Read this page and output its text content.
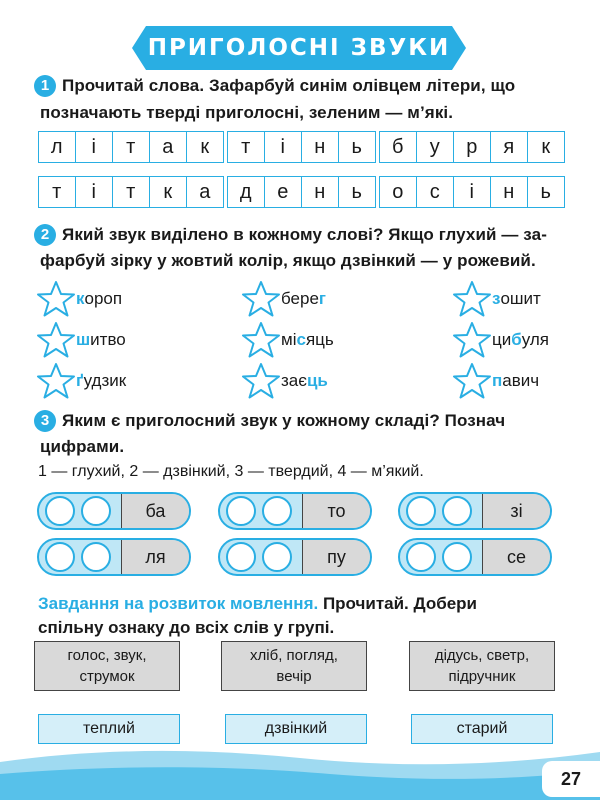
ПРИГОЛОСНІ ЗВУКИ
1 Прочитай слова. Зафарбуй синім олівцем літери, що
позначають тверді приголосні, зеленим — м’які.
л	і	т	а	к	т	і	н	ь	б	у	р	я	к
т	і	т	к	а	д	е	н	ь	о	с	і	н	ь
2 Який звук виділено в кожному слові? Якщо глухий — за-
фарбуй зірку у жовтий колір, якщо дзвінкий — у рожевий.
короп	берег	зошит
шитво	місяць	цибуля
ґудзик	заєць	павич
3 Яким є приголосний звук у кожному складі? Познач
цифрами.
1 — глухий, 2 — дзвінкий, 3 — твердий, 4 — м’який.
ба	то	зі
ля	пу	се
Завдання на розвиток мовлення. Прочитай. Добери
спільну ознаку до всіх слів у групі.
голос, звук,
струмок
хліб, погляд,
вечір
дідусь, светр,
підручник
теплий	дзвінкий	старий
27
